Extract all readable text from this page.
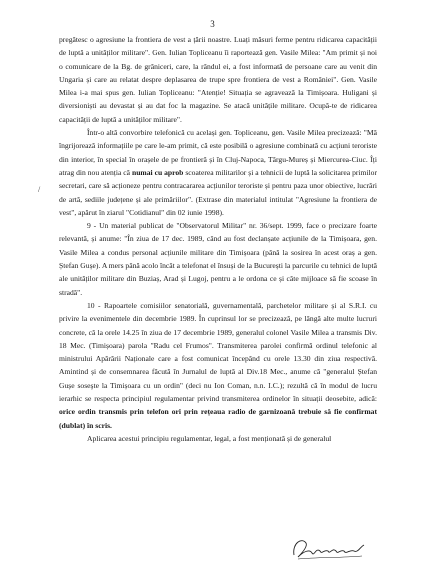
3
/

pregătesc o agresiune la frontiera de vest a țării noastre. Luați măsuri ferme pentru ridicarea capacității de luptă a unităților militare". Gen. Iulian Topliceanu îi raportează gen. Vasile Milea: "Am primit și noi o comunicare de la Bg. de grăniceri, care, la rândul ei, a fost informată de persoane care au venit din Ungaria și care au relatat despre deplasarea de trupe spre frontiera de vest a României". Gen. Vasile Milea i-a mai spus gen. Iulian Topliceanu: "Atenție! Situația se agravează la Timișoara. Huligani și diversioniști au devastat și au dat foc la magazine. Se atacă unitățile militare. Ocupă-te de ridicarea capacității de luptă a unităților militare".

Într-o altă convorbire telefonică cu același gen. Topliceanu, gen. Vasile Milea precizează: "Mă îngrijorează informațiile pe care le-am primit, că este posibilă o agresiune combinată cu acțiuni teroriste din interior, în special în orașele de pe frontieră și în Cluj-Napoca, Târgu-Mureș și Miercurea-Ciuc. Îți atrag din nou atenția că numai cu aprob scoaterea militarilor și a tehnicii de luptă la solicitarea primilor secretari, care să acționeze pentru contracararea acțiunilor teroriste și pentru paza unor obiective, lucrări de artă, sediile județene și ale primăriilor". (Extrase din materialul intitulat "Agresiune la frontiera de vest", apărut în ziarul "Cotidianul" din 02 iunie 1998).

9 - Un material publicat de "Observatorul Militar" nr. 36/sept. 1999, face o precizare foarte relevantă, și anume: "În ziua de 17 dec. 1989, când au fost declanșate acțiunile de la Timișoara, gen. Vasile Milea a condus personal acțiunile militare din Timișoara (până la sosirea în acest oraș a gen. Ștefan Gușe). A mers până acolo încât a telefonat el însuși de la București la parcurile cu tehnici de luptă ale unităților militare din Buziaș, Arad și Lugoj, pentru a le ordona ce și câte mijloace să fie scoase în stradă".

10 - Rapoartele comisiilor senatorială, guvernamentală, parchetelor militare și al S.R.I. cu privire la evenimentele din decembrie 1989. În cuprinsul lor se precizează, pe lângă alte multe lucruri concrete, că la orele 14.25 în ziua de 17 decembrie 1989, generalul colonel Vasile Milea a transmis Div. 18 Mec. (Timișoara) parola "Radu cel Frumos". Transmiterea parolei confirmă ordinul telefonic al ministrului Apărării Naționale care a fost comunicat începând cu orele 13.30 din ziua respectivă. Amintind și de consemnarea făcută în Jurnalul de luptă al Div.18 Mec., anume că "generalul Ștefan Gușe soseşte la Timișoara cu un ordin" (deci nu Ion Coman, n.n. I.C.); rezultă că în modul de lucru ierarhic se respecta principiul regulamentar privind transmiterea ordinelor în situații deosebite, adică: orice ordin transmis prin telefon ori prin rețeaua radio de garnizoană trebuie să fie confirmat (dublat) în scris.

Aplicarea acestui principiu regulamentar, legal, a fost menționată și de generalul
